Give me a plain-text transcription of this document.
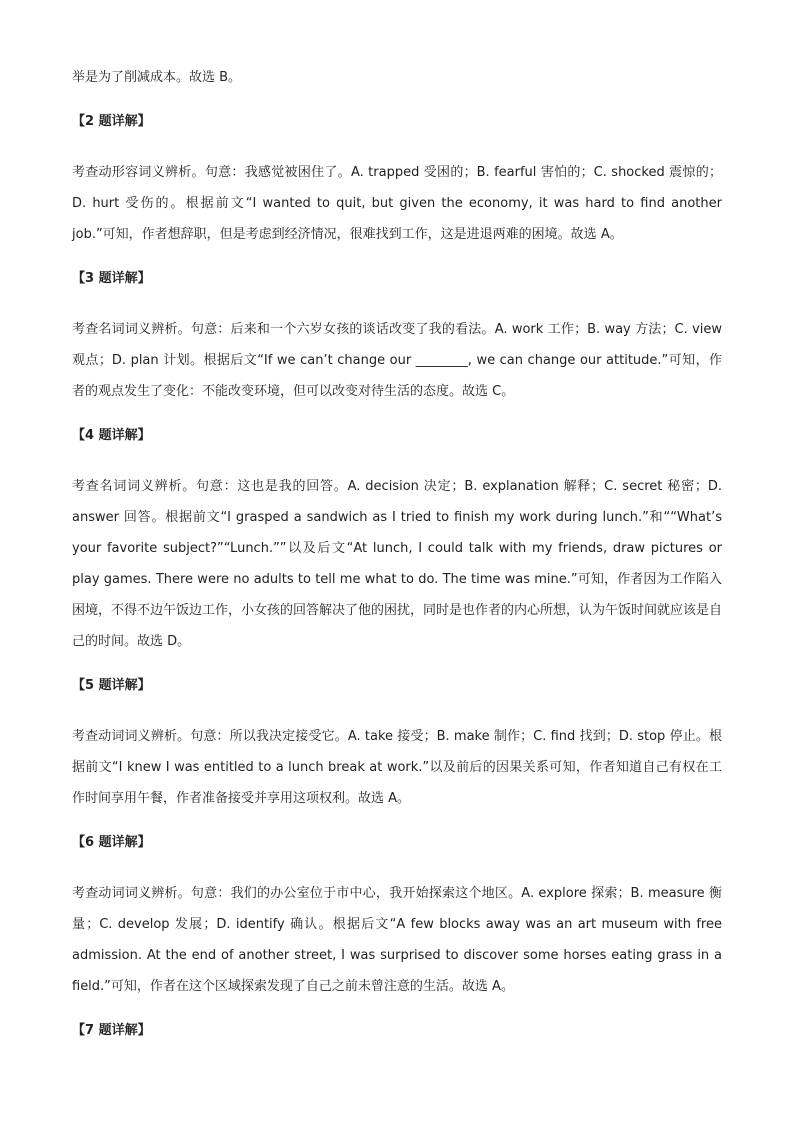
举是为了削减成本。故选 B。

【2 题详解】

考查动形容词义辨析。句意：我感觉被困住了。A. trapped 受困的；B. fearful 害怕的；C. shocked 震惊的；D. hurt 受伤的。根据前文“I wanted to quit, but given the economy, it was hard to find another job.”可知，作者想辞职，但是考虑到经济情况，很难找到工作，这是进退两难的困境。故选 A。

【3 题详解】

考查名词词义辨析。句意：后来和一个六岁女孩的谈话改变了我的看法。A. work 工作；B. way 方法；C. view 观点；D. plan 计划。根据后文“If we can’t change our ________, we can change our attitude.”可知，作者的观点发生了变化：不能改变环境，但可以改变对待生活的态度。故选 C。

【4 题详解】

考查名词词义辨析。句意：这也是我的回答。A. decision 决定；B. explanation 解释；C. secret 秘密；D. answer 回答。根据前文“I grasped a sandwich as I tried to finish my work during lunch.”和““What’s your favorite subject?”“Lunch.””以及后文“At lunch, I could talk with my friends, draw pictures or play games. There were no adults to tell me what to do. The time was mine.”可知，作者因为工作陷入困境，不得不边午饭边工作，小女孩的回答解决了他的困扰，同时是也作者的内心所想，认为午饭时间就应该是自己的时间。故选 D。

【5 题详解】

考查动词词义辨析。句意：所以我决定接受它。A. take 接受；B. make 制作；C. find 找到；D. stop 停止。根据前文“I knew I was entitled to a lunch break at work.”以及前后的因果关系可知，作者知道自己有权在工作时间享用午餐，作者准备接受并享用这项权利。故选 A。

【6 题详解】

考查动词词义辨析。句意：我们的办公室位于市中心，我开始探索这个地区。A. explore 探索；B. measure 衡量；C. develop 发展；D. identify 确认。根据后文“A few blocks away was an art museum with free admission. At the end of another street, I was surprised to discover some horses eating grass in a field.”可知，作者在这个区域探索发现了自己之前未曾注意的生活。故选 A。

【7 题详解】
